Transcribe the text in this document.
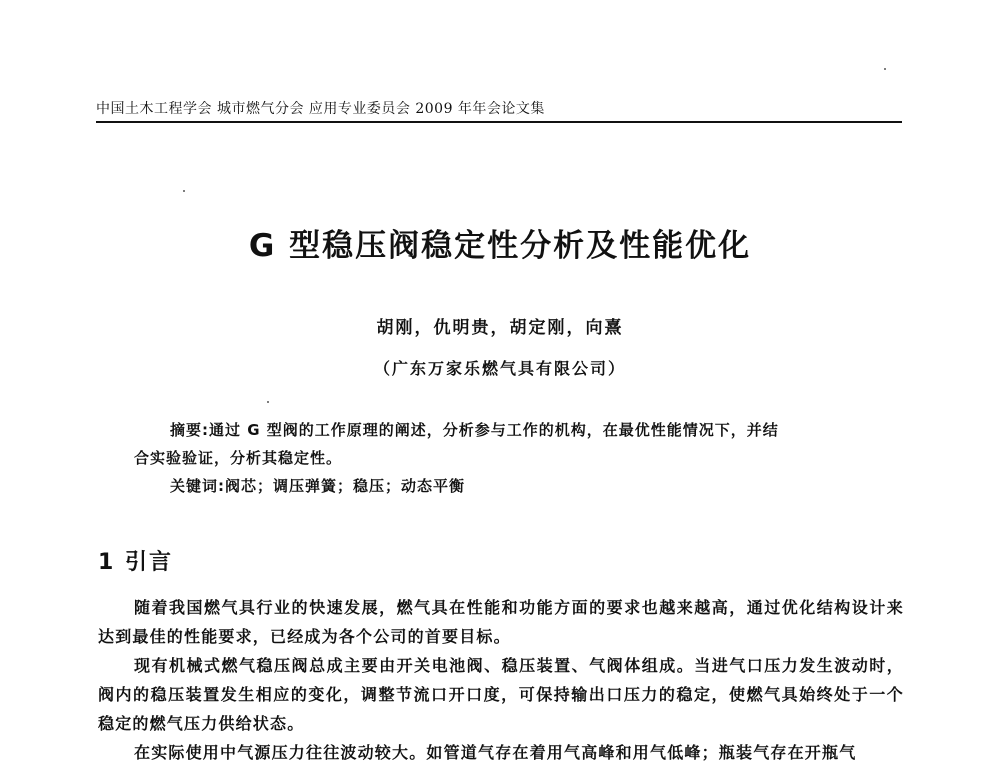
中国土木工程学会 城市燃气分会 应用专业委员会 2009 年年会论文集
G 型稳压阀稳定性分析及性能优化
胡刚，仇明贵，胡定刚，向熹
（广东万家乐燃气具有限公司）
摘要:通过 G 型阀的工作原理的阐述，分析参与工作的机构，在最优性能情况下，并结
合实验验证，分析其稳定性。
关键词:阀芯；调压弹簧；稳压；动态平衡
1 引言

随着我国燃气具行业的快速发展，燃气具在性能和功能方面的要求也越来越高，通过优化结构设计来达到最佳的性能要求，已经成为各个公司的首要目标。

现有机械式燃气稳压阀总成主要由开关电池阀、稳压装置、气阀体组成。当进气口压力发生波动时，阀内的稳压装置发生相应的变化，调整节流口开口度，可保持输出口压力的稳定，使燃气具始终处于一个稳定的燃气压力供给状态。

在实际使用中气源压力往往波动较大。如管道气存在着用气高峰和用气低峰；瓶装气存在开瓶气
